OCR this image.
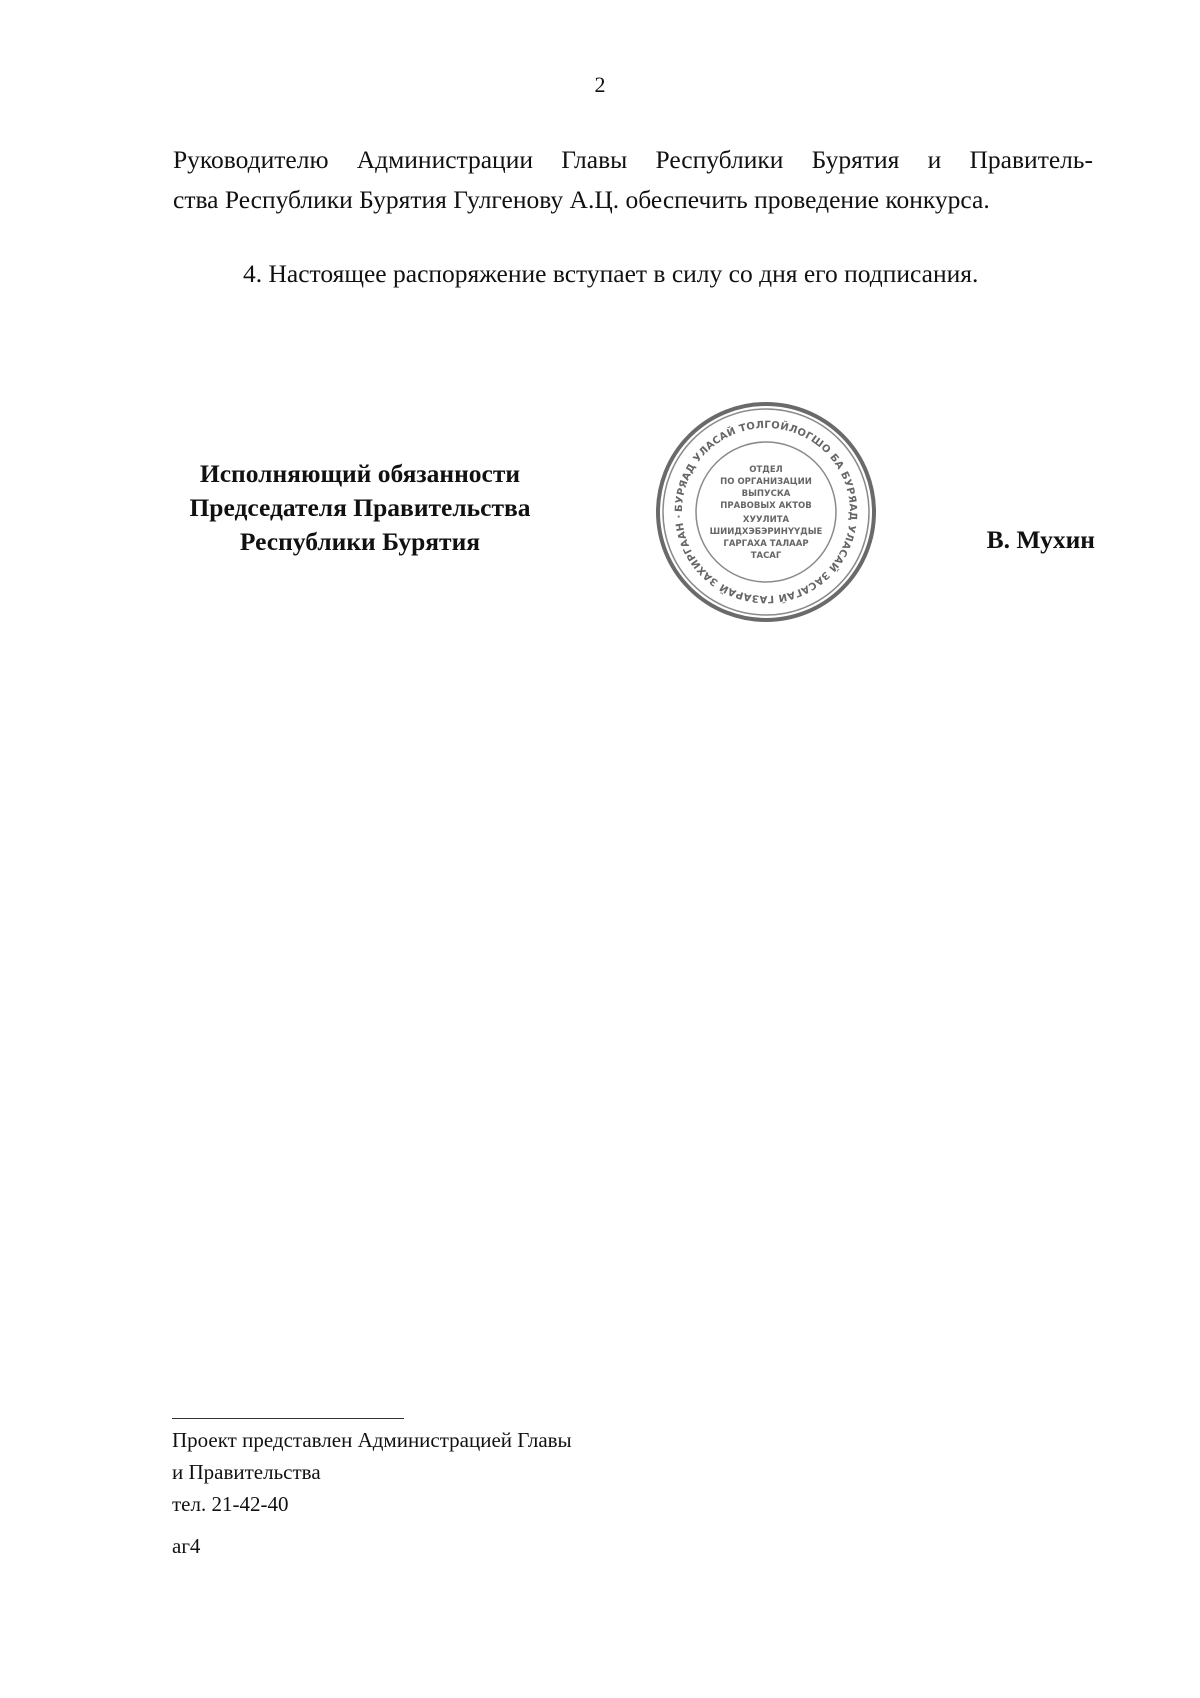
2
Руководителю Администрации Главы Республики Бурятия и Правитель-
ства Республики Бурятия Гулгенову А.Ц. обеспечить проведение конкурса.
4. Настоящее распоряжение вступает в силу со дня его подписания.
Исполняющий обязанности
Председателя Правительства
Республики Бурятия
БУРЯАД УЛАСАЙ ТОЛГОЙЛОГШО БА БУРЯАД УЛАСАЙ ЗАСАГАЙ ГАЗАРАЙ ЗАХИРГААН ·
ОТДЕЛ
ПО ОРГАНИЗАЦИИ
ВЫПУСКА
ПРАВОВЫХ АКТОВ
ХУУЛИТА
ШИИДХЭБЭРИНҮҮДЫЕ
ГАРГАХА ТАЛААР
ТАСАГ
В. Мухин
Проект представлен Администрацией Главы
и Правительства
тел. 21-42-40
аг4
